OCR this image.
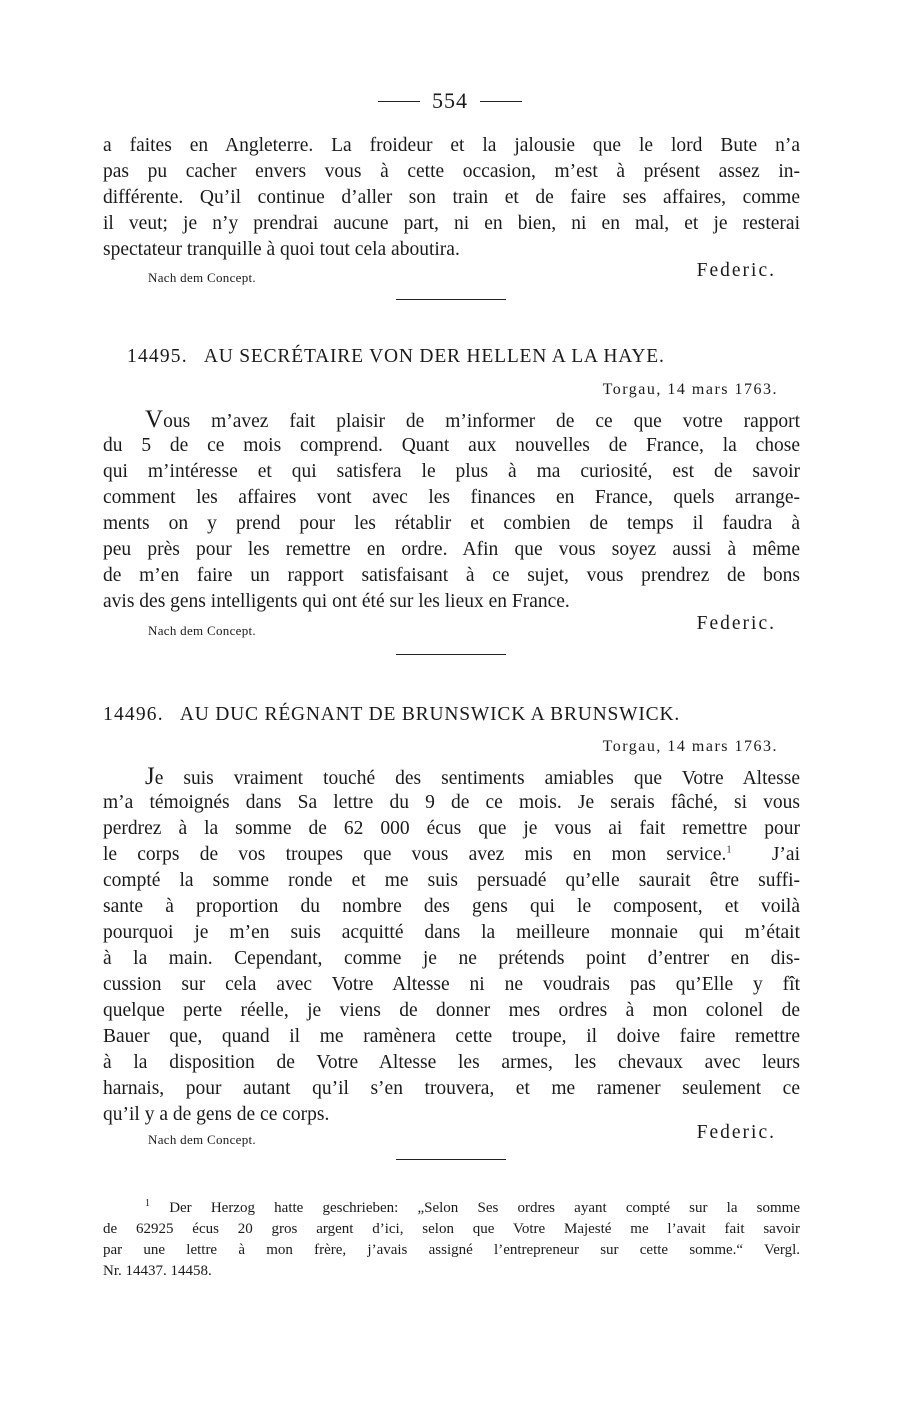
554
a faites en Angleterre. La froideur et la jalousie que le lord Bute n’a
pas pu cacher envers vous à cette occasion, m’est à présent assez in-
différente. Qu’il continue d’aller son train et de faire ses affaires, comme
il veut; je n’y prendrai aucune part, ni en bien, ni en mal, et je resterai
spectateur tranquille à quoi tout cela aboutira.
Nach dem Concept.	Federic.
14495. AU SECRÉTAIRE VON DER HELLEN A LA HAYE.
Torgau, 14 mars 1763.
Vous m’avez fait plaisir de m’informer de ce que votre rapport
du 5 de ce mois comprend. Quant aux nouvelles de France, la chose
qui m’intéresse et qui satisfera le plus à ma curiosité, est de savoir
comment les affaires vont avec les finances en France, quels arrange-
ments on y prend pour les rétablir et combien de temps il faudra à
peu près pour les remettre en ordre. Afin que vous soyez aussi à même
de m’en faire un rapport satisfaisant à ce sujet, vous prendrez de bons
avis des gens intelligents qui ont été sur les lieux en France.
Nach dem Concept.	Federic.
14496. AU DUC RÉGNANT DE BRUNSWICK A BRUNSWICK.
Torgau, 14 mars 1763.
Je suis vraiment touché des sentiments amiables que Votre Altesse
m’a témoignés dans Sa lettre du 9 de ce mois. Je serais fâché, si vous
perdrez à la somme de 62 000 écus que je vous ai fait remettre pour
le corps de vos troupes que vous avez mis en mon service.$^1$ J’ai
compté la somme ronde et me suis persuadé qu’elle saurait être suffi-
sante à proportion du nombre des gens qui le composent, et voilà
pourquoi je m’en suis acquitté dans la meilleure monnaie qui m’était
à la main. Cependant, comme je ne prétends point d’entrer en dis-
cussion sur cela avec Votre Altesse ni ne voudrais pas qu’Elle y fît
quelque perte réelle, je viens de donner mes ordres à mon colonel de
Bauer que, quand il me ramènera cette troupe, il doive faire remettre
à la disposition de Votre Altesse les armes, les chevaux avec leurs
harnais, pour autant qu’il s’en trouvera, et me ramener seulement ce
qu’il y a de gens de ce corps.
Nach dem Concept.	Federic.
$^1$ Der Herzog hatte geschrieben: „Selon Ses ordres ayant compté sur la somme
de 62925 écus 20 gros argent d’ici, selon que Votre Majesté me l’avait fait savoir
par une lettre à mon frère, j’avais assigné l’entrepreneur sur cette somme.“ Vergl.
Nr. 14437. 14458.
